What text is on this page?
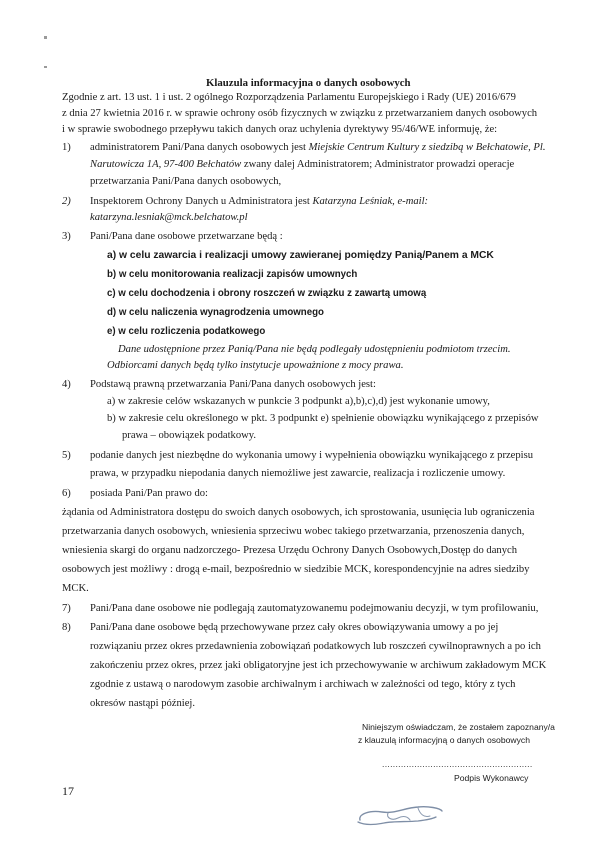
Klauzula informacyjna o danych osobowych
Zgodnie z art. 13 ust. 1 i ust. 2 ogólnego Rozporządzenia Parlamentu Europejskiego i Rady (UE) 2016/679
z dnia 27 kwietnia 2016 r. w sprawie ochrony osób fizycznych w związku z przetwarzaniem danych osobowych
i w sprawie swobodnego przepływu takich danych oraz uchylenia dyrektywy 95/46/WE informuję, że:
1) administratorem Pani/Pana danych osobowych jest Miejskie Centrum Kultury z siedzibą w Bełchatowie, Pl.
Narutowicza 1A, 97-400 Bełchatów zwany dalej Administratorem; Administrator prowadzi operacje
przetwarzania Pani/Pana danych osobowych,
2) Inspektorem Ochrony Danych u Administratora jest Katarzyna Leśniak, e-mail:
katarzyna.lesniak@mck.belchatow.pl
3) Pani/Pana dane osobowe przetwarzane będą :
a) w celu zawarcia i realizacji umowy zawieranej pomiędzy Panią/Panem a MCK
b) w celu monitorowania realizacji zapisów umownych
c) w celu dochodzenia i obrony roszczeń w związku z zawartą umową
d) w celu naliczenia wynagrodzenia umownego
e) w celu rozliczenia podatkowego
Dane udostępnione przez Panią/Pana nie będą podlegały udostępnieniu podmiotom trzecim.
Odbiorcami danych będą tylko instytucje upoważnione z mocy prawa.
4) Podstawą prawną przetwarzania Pani/Pana danych osobowych jest:
a) w zakresie celów wskazanych w punkcie 3 podpunkt a),b),c),d) jest wykonanie umowy,
b) w zakresie celu określonego w pkt. 3 podpunkt e) spełnienie obowiązku wynikającego z przepisów
prawa – obowiązek podatkowy.
5) podanie danych jest niezbędne do wykonania umowy i wypełnienia obowiązku wynikającego z przepisu
prawa, w przypadku niepodania danych niemożliwe jest zawarcie, realizacja i rozliczenie umowy.
6) posiada Pani/Pan prawo do:
żądania od Administratora dostępu do swoich danych osobowych, ich sprostowania, usunięcia lub ograniczenia
przetwarzania danych osobowych, wniesienia sprzeciwu wobec takiego przetwarzania, przenoszenia danych,
wniesienia skargi do organu nadzorczego- Prezesa Urzędu Ochrony Danych Osobowych,Dostęp do danych
osobowych jest możliwy : drogą e-mail, bezpośrednio w siedzibie MCK, korespondencyjnie na adres siedziby
MCK.
7) Pani/Pana dane osobowe nie podlegają zautomatyzowanemu podejmowaniu decyzji, w tym profilowaniu,
8) Pani/Pana dane osobowe będą przechowywane przez cały okres obowiązywania umowy a po jej
rozwiązaniu przez okres przedawnienia zobowiązań podatkowych lub roszczeń cywilnoprawnych a po ich
zakończeniu przez okres, przez jaki obligatoryjne jest ich przechowywanie w archiwum zakładowym MCK
zgodnie z ustawą o narodowym zasobie archiwalnym i archiwach w zależności od tego, który z tych
okresów nastąpi później.
Niniejszym oświadczam, że zostałem zapoznany/a
z klauzulą informacyjną o danych osobowych
........................................................
Podpis Wykonawcy
17
